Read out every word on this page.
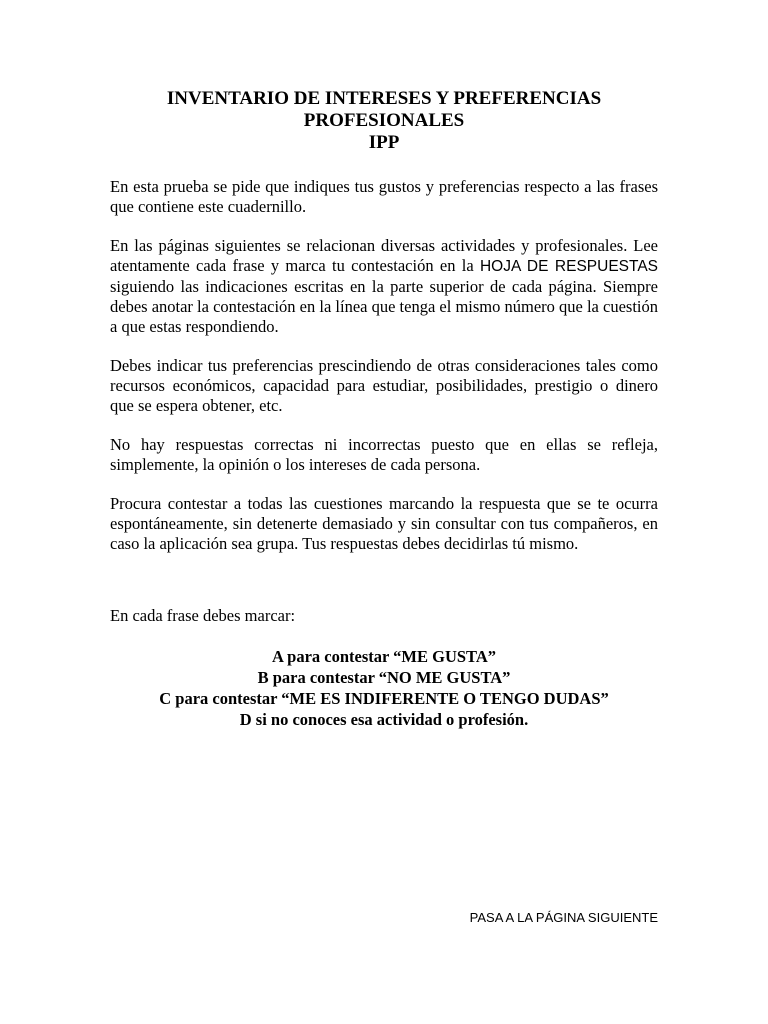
INVENTARIO DE INTERESES Y PREFERENCIAS
PROFESIONALES
IPP

En esta prueba se pide que indiques tus gustos y preferencias respecto a las frases que contiene este cuadernillo.

En las páginas siguientes se relacionan diversas actividades y profesionales. Lee atentamente cada frase y marca tu contestación en la HOJA DE RESPUESTAS siguiendo las indicaciones escritas en la parte superior de cada página. Siempre debes anotar la contestación en la línea que tenga el mismo número que la cuestión a que estas respondiendo.

Debes indicar tus preferencias prescindiendo de otras consideraciones tales como recursos económicos, capacidad para estudiar, posibilidades, prestigio o dinero que se espera obtener, etc.

No hay respuestas correctas ni incorrectas puesto que en ellas se refleja, simplemente, la opinión o los intereses de cada persona.

Procura contestar a todas las cuestiones marcando la respuesta que se te ocurra espontáneamente, sin detenerte demasiado y sin consultar con tus compañeros, en caso la aplicación sea grupa. Tus respuestas debes decidirlas tú mismo.

En cada frase debes marcar:
A para contestar “ME GUSTA”
B para contestar “NO ME GUSTA”
C para contestar “ME ES INDIFERENTE O TENGO DUDAS”
D si no conoces esa actividad o profesión.
PASA A LA PÁGINA SIGUIENTE
